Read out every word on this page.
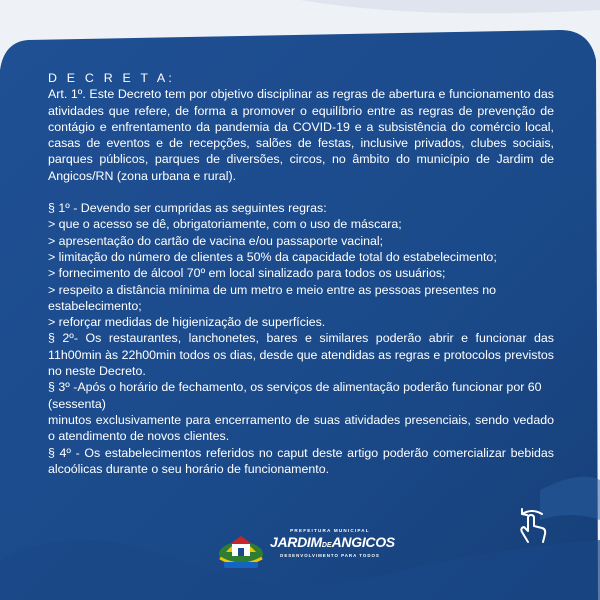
D E C R E T A:

Art. 1º. Este Decreto tem por objetivo disciplinar as regras de abertura e funcionamento das atividades que refere, de forma a promover o equilíbrio entre as regras de prevenção de contágio e enfrentamento da pandemia da COVID-19 e a subsistência do comércio local, casas de eventos e de recepções, salões de festas, inclusive privados, clubes sociais, parques públicos, parques de diversões, circos, no âmbito do município de Jardim de Angicos/RN (zona urbana e rural).

§ 1º - Devendo ser cumpridas as seguintes regras:

> que o acesso se dê, obrigatoriamente, com o uso de máscara;

> apresentação do cartão de vacina e/ou passaporte vacinal;

> limitação do número de clientes a 50% da capacidade total do estabelecimento;

> fornecimento de álcool 70º em local sinalizado para todos os usuários;

> respeito a distância mínima de um metro e meio entre as pessoas presentes no estabelecimento;

> reforçar medidas de higienização de superfícies.

§ 2º- Os restaurantes, lanchonetes, bares e similares poderão abrir e funcionar das 11h00min às 22h00min todos os dias, desde que atendidas as regras e protocolos previstos no neste Decreto.

§ 3º -Após o horário de fechamento, os serviços de alimentação poderão funcionar por 60 (sessenta)

minutos exclusivamente para encerramento de suas atividades presenciais, sendo vedado o atendimento de novos clientes.

§ 4º - Os estabelecimentos referidos no caput deste artigo poderão comercializar bebidas alcoólicas durante o seu horário de funcionamento.

PREFEITURA MUNICIPAL
JARDIMDEANGICOS
DESENVOLVIMENTO PARA TODOS
